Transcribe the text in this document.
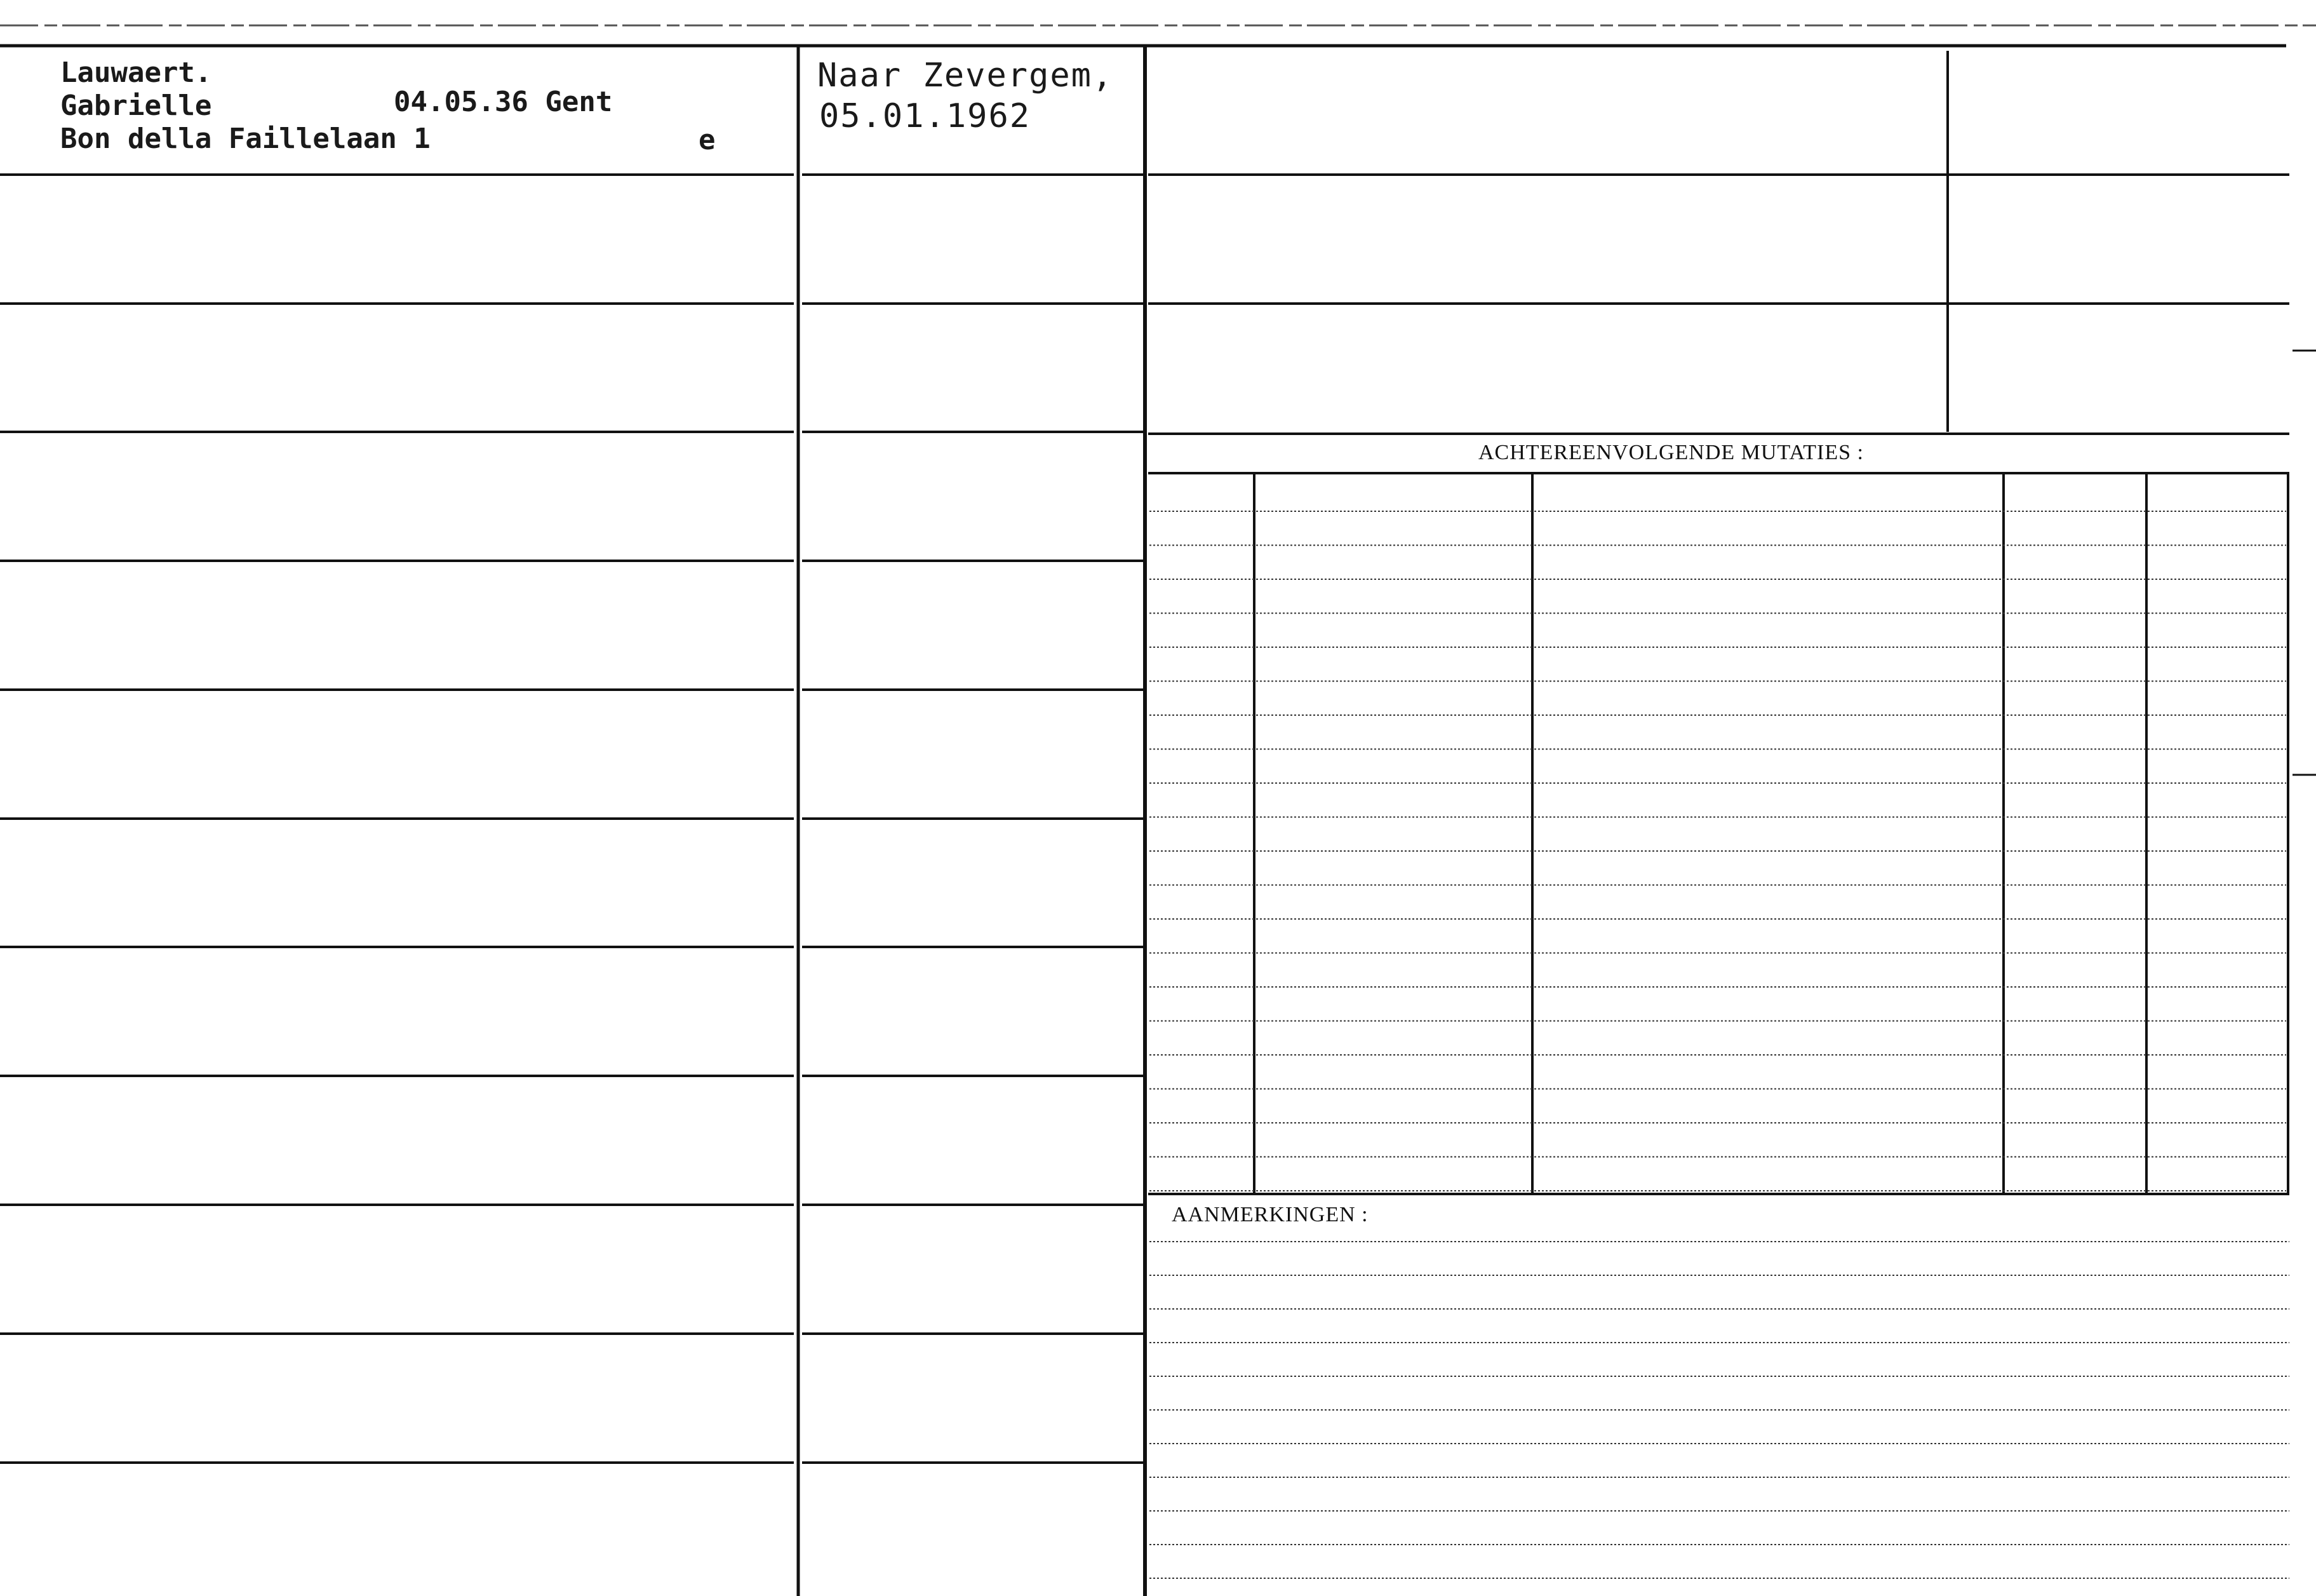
Lauwaert.
Gabrielle	04.05.36 Gent
Bon della Faillelaan 1	e
Naar Zevergem,
05.01.1962
ACHTEREENVOLGENDE MUTATIES :
AANMERKINGEN :
